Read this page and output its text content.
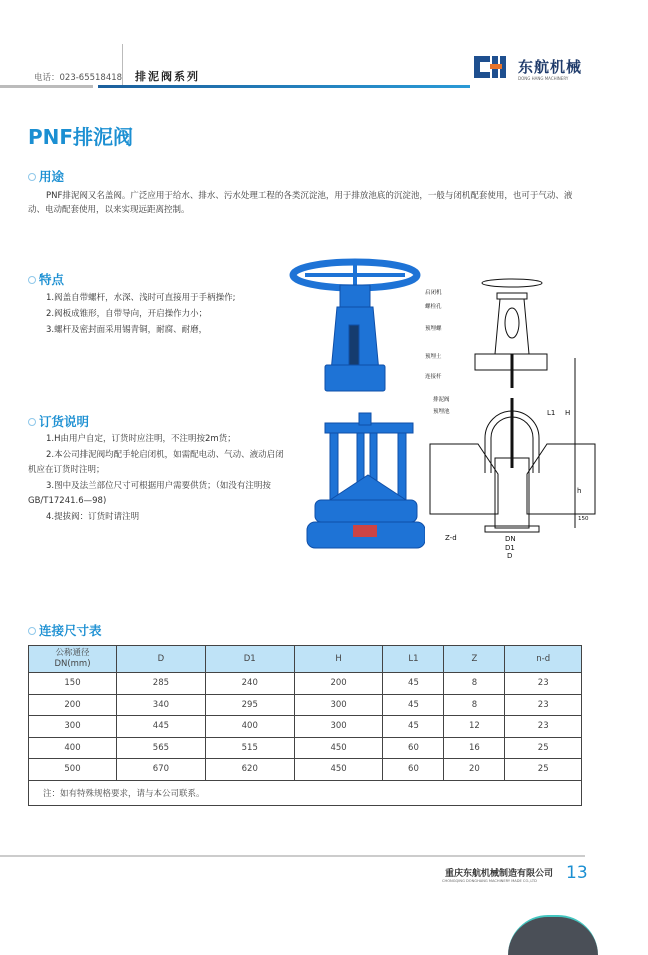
电话：023-65518418 排泥阀系列
东航机械
DONG HANG MACHINERY
PNF排泥阀
用途
PNF排泥阀又名盖阀。广泛应用于给水、排水、污水处理工程的各类沉淀池，用于排放池底的沉淀池，一般与闭机配套使用，也可于气动、液动、电动配套使用，以来实现远距离控制。
特点
1.阀盖自带螺杆，水深、浅时可直接用于手柄操作;
2.阀板成锥形，自带导向，开启操作力小；
3.螺杆及密封面采用锡青铜，耐腐、耐磨，
订货说明
1.H由用户自定，订货时应注明，不注明按2m货；
2.本公司排泥阀均配手轮启闭机，如需配电动、气动、液动启闭机应在订货时注明；
3.图中及法兰部位尺寸可根据用户需要供货；（如没有注明按GB/T17241.6—98)
4.提拔阀：订货时请注明
启闭机
螺栓孔
预埋螺
预埋土
连接杆
排泥阀
预埋池	L1 H
h
150
DN
D1
D
Z-d
连接尺寸表
公称通径
DN(mm)	D	D1	H	L1	Z	n-d
150	285	240	200	45	8	23
200	340	295	300	45	8	23
300	445	400	300	45	12	23
400	565	515	450	60	16	25
500	670	620	450	60	20	25
注：如有特殊规格要求，请与本公司联系。						
重庆东航机械制造有限公司
CHONGQING DONGHANG MACHINERY MADE CO.,LTD 13
